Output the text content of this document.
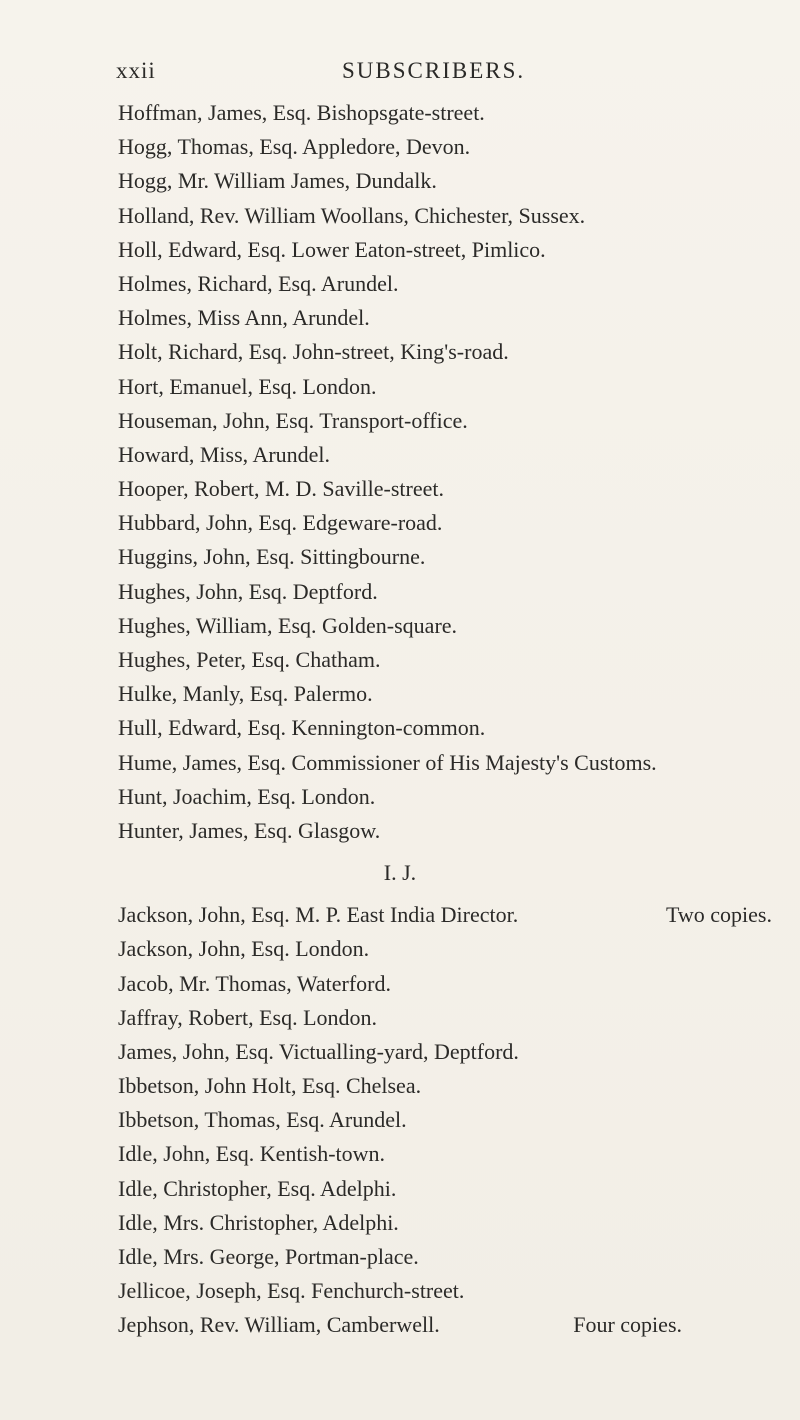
xxii	SUBSCRIBERS.
Hoffman, James, Esq. Bishopsgate-street.
Hogg, Thomas, Esq. Appledore, Devon.
Hogg, Mr. William James, Dundalk.
Holland, Rev. William Woollans, Chichester, Sussex.
Holl, Edward, Esq. Lower Eaton-street, Pimlico.
Holmes, Richard, Esq. Arundel.
Holmes, Miss Ann, Arundel.
Holt, Richard, Esq. John-street, King's-road.
Hort, Emanuel, Esq. London.
Houseman, John, Esq. Transport-office.
Howard, Miss, Arundel.
Hooper, Robert, M. D. Saville-street.
Hubbard, John, Esq. Edgeware-road.
Huggins, John, Esq. Sittingbourne.
Hughes, John, Esq. Deptford.
Hughes, William, Esq. Golden-square.
Hughes, Peter, Esq. Chatham.
Hulke, Manly, Esq. Palermo.
Hull, Edward, Esq. Kennington-common.
Hume, James, Esq. Commissioner of His Majesty's Customs.
Hunt, Joachim, Esq. London.
Hunter, James, Esq. Glasgow.
I. J.
Jackson, John, Esq. M. P. East India Director.	Two copies.
Jackson, John, Esq. London.
Jacob, Mr. Thomas, Waterford.
Jaffray, Robert, Esq. London.
James, John, Esq. Victualling-yard, Deptford.
Ibbetson, John Holt, Esq. Chelsea.
Ibbetson, Thomas, Esq. Arundel.
Idle, John, Esq. Kentish-town.
Idle, Christopher, Esq. Adelphi.
Idle, Mrs. Christopher, Adelphi.
Idle, Mrs. George, Portman-place.
Jellicoe, Joseph, Esq. Fenchurch-street.
Jephson, Rev. William, Camberwell.	Four copies.
